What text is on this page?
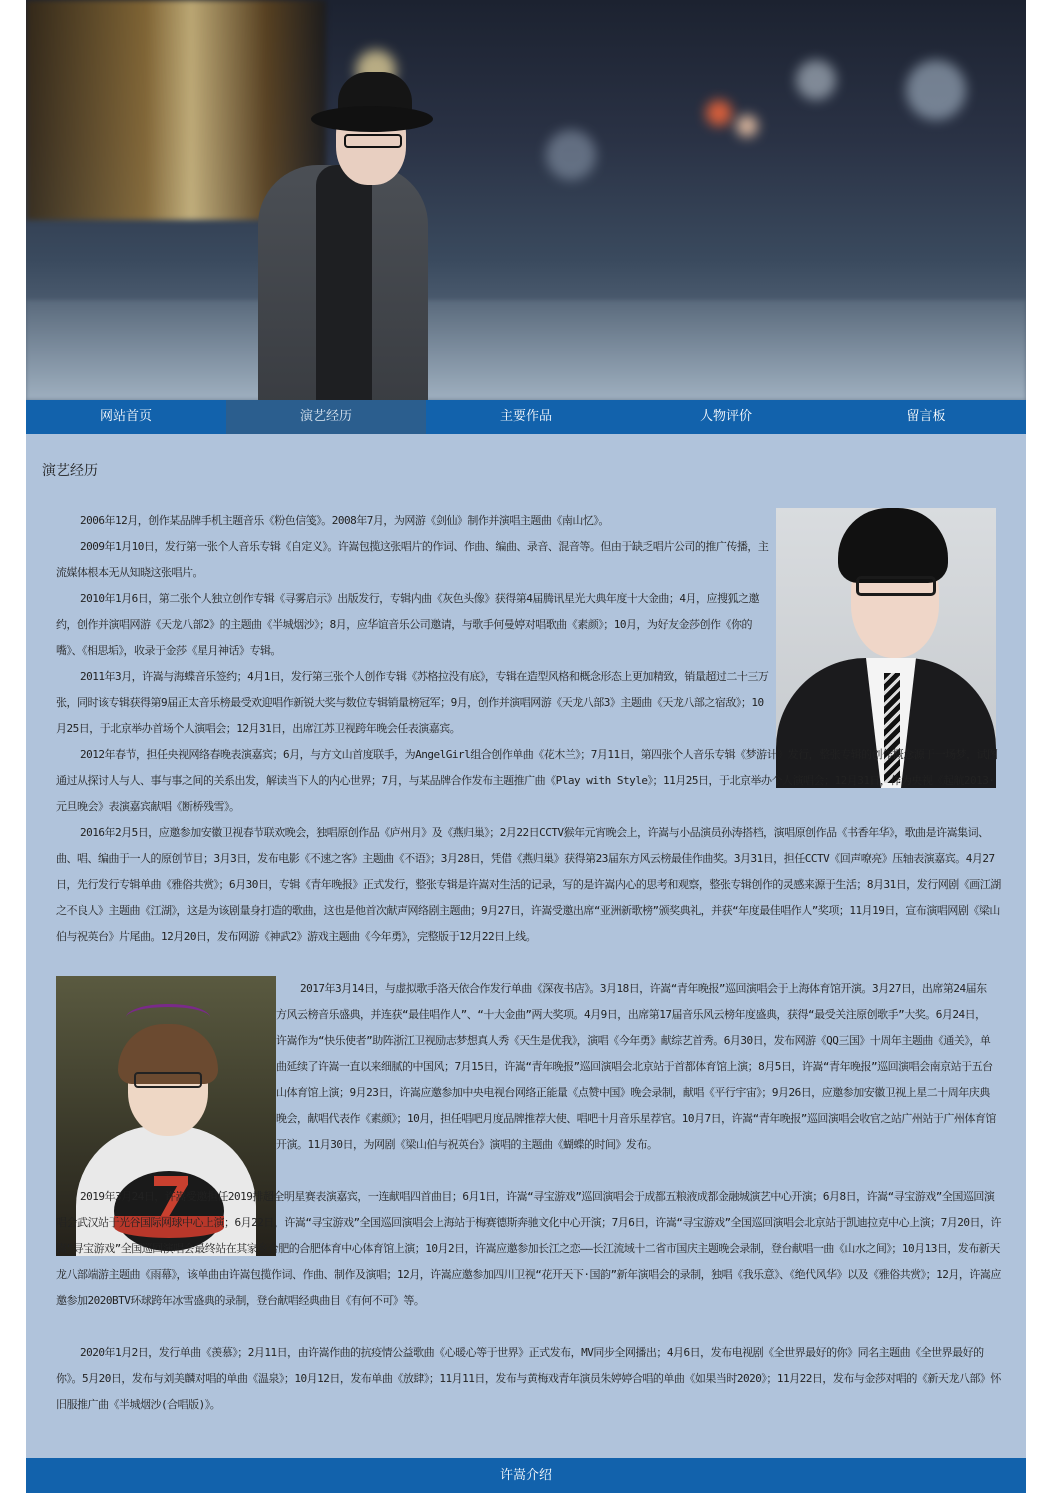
网站首页	演艺经历	主要作品	人物评价	留言板
演艺经历

2006年12月，创作某品牌手机主题音乐《粉色信笺》。2008年7月，为网游《剑仙》制作并演唱主题曲《南山忆》。

2009年1月10日，发行第一张个人音乐专辑《自定义》。许嵩包揽这张唱片的作词、作曲、编曲、录音、混音等。但由于缺乏唱片公司的推广传播，主流媒体根本无从知晓这张唱片。

2010年1月6日，第二张个人独立创作专辑《寻雾启示》出版发行，专辑内曲《灰色头像》获得第4届腾讯星光大典年度十大金曲；4月，应搜狐之邀约，创作并演唱网游《天龙八部2》的主题曲《半城烟沙》；8月，应华谊音乐公司邀请，与歌手何曼婷对唱歌曲《素颜》；10月，为好友金莎创作《你的嘴》、《相思垢》，收录于金莎《星月神话》专辑。

2011年3月，许嵩与海蝶音乐签约；4月1日，发行第三张个人创作专辑《苏格拉没有底》，专辑在造型风格和概念形态上更加精致，销量超过二十三万张，同时该专辑获得第9届正太音乐榜最受欢迎唱作新锐大奖与数位专辑销量榜冠军；9月，创作并演唱网游《天龙八部3》主题曲《天龙八部之宿敌》；10月25日，于北京举办首场个人演唱会；12月31日，出席江苏卫视跨年晚会任表演嘉宾。

2012年春节，担任央视网络春晚表演嘉宾；6月，与方文山首度联手，为AngelGirl组合创作单曲《花木兰》；7月11日，第四张个人音乐专辑《梦游计》发行，整张专辑的创作概念源于一场梦，试图通过从探讨人与人、事与事之间的关系出发，解读当下人的内心世界；7月，与某品牌合作发布主题推广曲《Play with Style》；11月25日，于北京举办个人演唱会；12月31日，作为央视《起航2013·元旦晚会》表演嘉宾献唱《断桥残雪》。

2016年2月5日，应邀参加安徽卫视春节联欢晚会，独唱原创作品《庐州月》及《燕归巢》；2月22日CCTV猴年元宵晚会上，许嵩与小品演员孙涛搭档，演唱原创作品《书香年华》，歌曲是许嵩集词、曲、唱、编曲于一人的原创节目；3月3日，发布电影《不速之客》主题曲《不语》；3月28日，凭借《燕归巢》获得第23届东方风云榜最佳作曲奖。3月31日，担任CCTV《回声嘹亮》压轴表演嘉宾。4月27日，先行发行专辑单曲《雅俗共赏》；6月30日，专辑《青年晚报》正式发行，整张专辑是许嵩对生活的记录，写的是许嵩内心的思考和观察，整张专辑创作的灵感来源于生活；8月31日，发行网剧《画江湖之不良人》主题曲《江湖》，这是为该剧量身打造的歌曲，这也是他首次献声网络剧主题曲；9月27日，许嵩受邀出席“亚洲新歌榜”颁奖典礼，并获“年度最佳唱作人”奖项；11月19日，宣布演唱网剧《梁山伯与祝英台》片尾曲。12月20日，发布网游《神武2》游戏主题曲《今年勇》，完整版于12月22日上线。

2017年3月14日，与虚拟歌手洛天依合作发行单曲《深夜书店》。3月18日，许嵩“青年晚报”巡回演唱会于上海体育馆开演。3月27日，出席第24届东方风云榜音乐盛典，并连获“最佳唱作人”、“十大金曲”两大奖项。4月9日，出席第17届音乐风云榜年度盛典，获得“最受关注原创歌手”大奖。6月24日，许嵩作为“快乐使者”助阵浙江卫视励志梦想真人秀《天生是优我》，演唱《今年勇》献综艺首秀。6月30日，发布网游《QQ三国》十周年主题曲《通关》，单曲延续了许嵩一直以来细腻的中国风；7月15日，许嵩“青年晚报”巡回演唱会北京站于首都体育馆上演；8月5日，许嵩“青年晚报”巡回演唱会南京站于五台山体育馆上演；9月23日，许嵩应邀参加中央电视台网络正能量《点赞中国》晚会录制，献唱《平行宇宙》；9月26日，应邀参加安徽卫视上星二十周年庆典晚会，献唱代表作《素颜》；10月，担任唱吧月度品牌推荐大使、唱吧十月音乐星荐官。10月7日，许嵩“青年晚报”巡回演唱会收官之站广州站于广州体育馆开演。11月30日，为网剧《梁山伯与祝英台》演唱的主题曲《蝴蝶的时间》发布。

2019年3月24日，许嵩受邀担任2019排超全明星赛表演嘉宾，一连献唱四首曲目；6月1日，许嵩“寻宝游戏”巡回演唱会于成都五粮液成都金融城演艺中心开演；6月8日，许嵩“寻宝游戏”全国巡回演唱会武汉站于光谷国际网球中心上演；6月22日，许嵩“寻宝游戏”全国巡回演唱会上海站于梅赛德斯奔驰文化中心开演；7月6日，许嵩“寻宝游戏”全国巡回演唱会北京站于凯迪拉克中心上演；7月20日，许嵩“寻宝游戏”全国巡回演唱会最终站在其家乡合肥的合肥体育中心体育馆上演；10月2日，许嵩应邀参加长江之恋——长江流域十二省市国庆主题晚会录制，登台献唱一曲《山水之间》；10月13日，发布新天龙八部端游主题曲《雨幕》，该单曲由许嵩包揽作词、作曲、制作及演唱；12月，许嵩应邀参加四川卫视“花开天下·国韵”新年演唱会的录制，独唱《我乐意》、《绝代风华》以及《雅俗共赏》；12月，许嵩应邀参加2020BTV环球跨年冰雪盛典的录制，登台献唱经典曲目《有何不可》等。

2020年1月2日，发行单曲《羡慕》；2月11日，由许嵩作曲的抗疫情公益歌曲《心暖心等于世界》正式发布，MV同步全网播出；4月6日，发布电视剧《全世界最好的你》同名主题曲《全世界最好的你》。5月20日，发布与刘美麟对唱的单曲《温泉》；10月12日，发布单曲《放肆》；11月11日，发布与黄梅戏青年演员朱婷婷合唱的单曲《如果当时2020》；11月22日，发布与金莎对唱的《新天龙八部》怀旧服推广曲《半城烟沙(合唱版)》。

许嵩介绍
